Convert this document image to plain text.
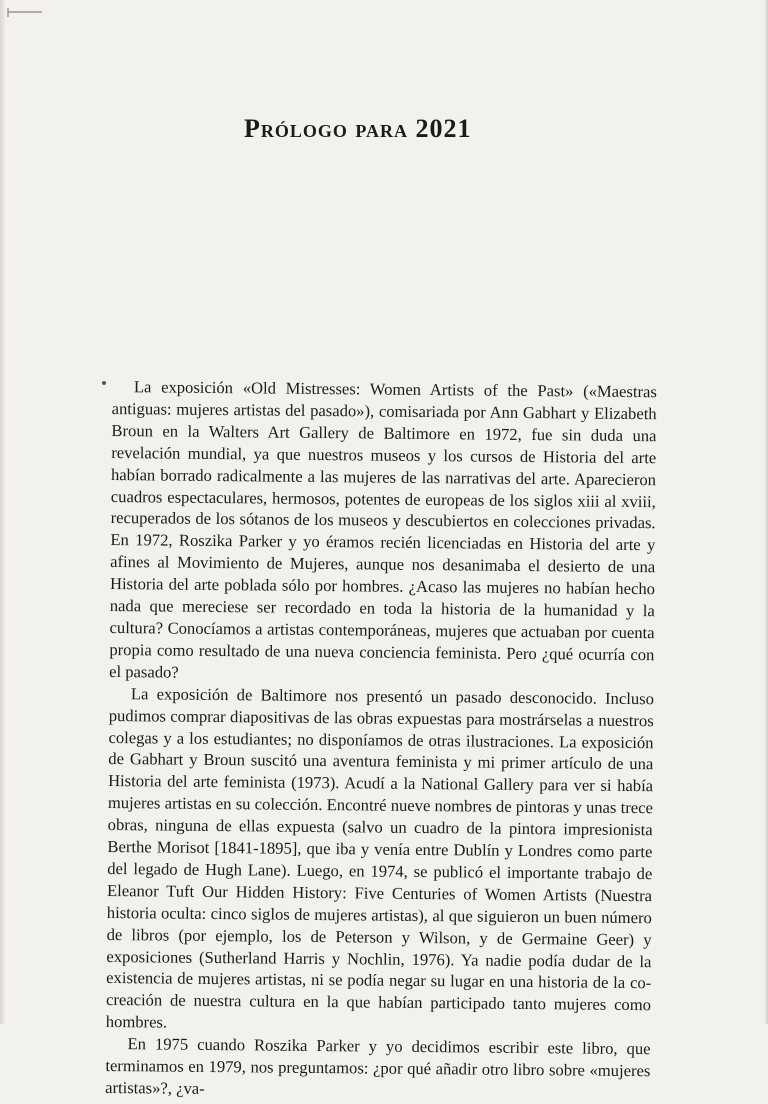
Prólogo para 2021

La exposición «Old Mistresses: Women Artists of the Past» («Maestras antiguas: mujeres artistas del pasado»), comisariada por Ann Gabhart y Elizabeth Broun en la Walters Art Gallery de Baltimore en 1972, fue sin duda una revelación mundial, ya que nuestros museos y los cursos de Historia del arte habían borrado radicalmente a las mujeres de las narrativas del arte. Aparecieron cuadros espectaculares, hermosos, potentes de europeas de los siglos xiii al xviii, recuperados de los sótanos de los museos y descubiertos en colecciones privadas. En 1972, Roszika Parker y yo éramos recién licenciadas en Historia del arte y afines al Movimiento de Mujeres, aunque nos desanimaba el desierto de una Historia del arte poblada sólo por hombres. ¿Acaso las mujeres no habían hecho nada que mereciese ser recordado en toda la historia de la humanidad y la cultura? Conocíamos a artistas contemporáneas, mujeres que actuaban por cuenta propia como resultado de una nueva conciencia feminista. Pero ¿qué ocurría con el pasado?

La exposición de Baltimore nos presentó un pasado desconocido. Incluso pudimos comprar diapositivas de las obras expuestas para mostrárselas a nuestros colegas y a los estudiantes; no disponíamos de otras ilustraciones. La exposición de Gabhart y Broun suscitó una aventura feminista y mi primer artículo de una Historia del arte feminista (1973). Acudí a la National Gallery para ver si había mujeres artistas en su colección. Encontré nueve nombres de pintoras y unas trece obras, ninguna de ellas expuesta (salvo un cuadro de la pintora impresionista Berthe Morisot [1841-1895], que iba y venía entre Dublín y Londres como parte del legado de Hugh Lane). Luego, en 1974, se publicó el importante trabajo de Eleanor Tuft Our Hidden History: Five Centuries of Women Artists (Nuestra historia oculta: cinco siglos de mujeres artistas), al que siguieron un buen número de libros (por ejemplo, los de Peterson y Wilson, y de Germaine Geer) y exposiciones (Sutherland Harris y Nochlin, 1976). Ya nadie podía dudar de la existencia de mujeres artistas, ni se podía negar su lugar en una historia de la co-creación de nuestra cultura en la que habían participado tanto mujeres como hombres.

En 1975 cuando Roszika Parker y yo decidimos escribir este libro, que terminamos en 1979, nos preguntamos: ¿por qué añadir otro libro sobre «mujeres artistas»?, ¿va-
